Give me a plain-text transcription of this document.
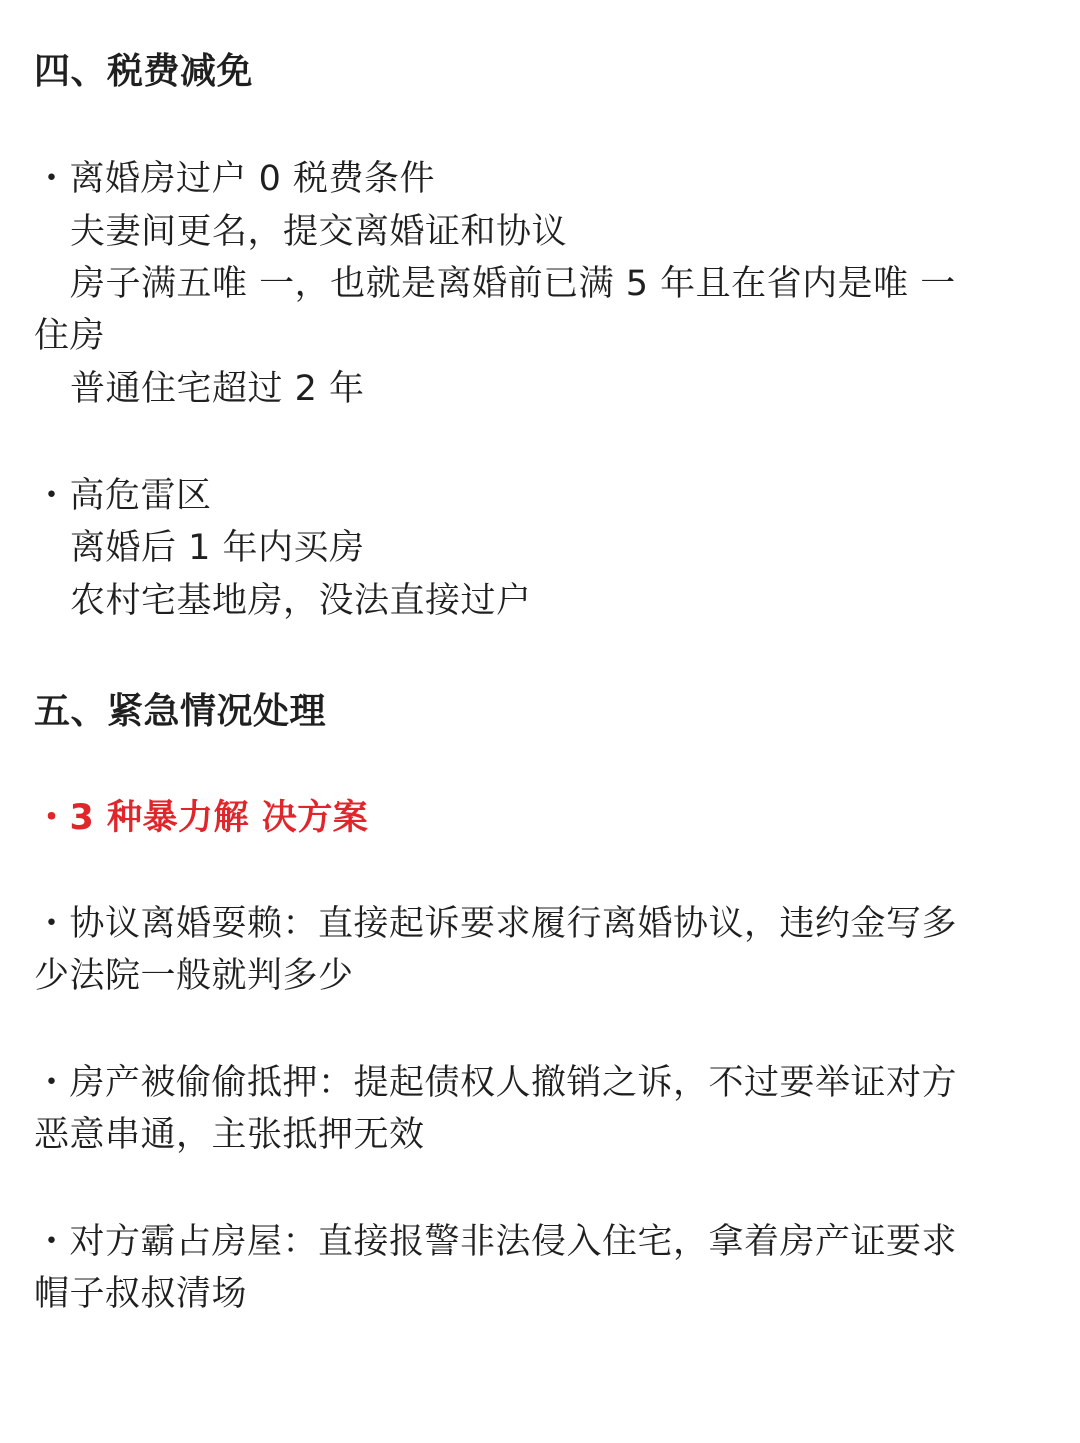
四、税费减免
・离婚房过户 0 税费条件
夫妻间更名，提交离婚证和协议
房子满五唯 一，也就是离婚前已满 5 年且在省内是唯 一
住房
普通住宅超过 2 年
・高危雷区
离婚后 1 年内买房
农村宅基地房，没法直接过户
五、紧急情况处理
・3 种暴力解 决方案
・协议离婚耍赖：直接起诉要求履行离婚协议，违约金写多
少法院一般就判多少
・房产被偷偷抵押：提起债权人撤销之诉，不过要举证对方
恶意串通，主张抵押无效
・对方霸占房屋：直接报警非法侵入住宅，拿着房产证要求
帽子叔叔清场
